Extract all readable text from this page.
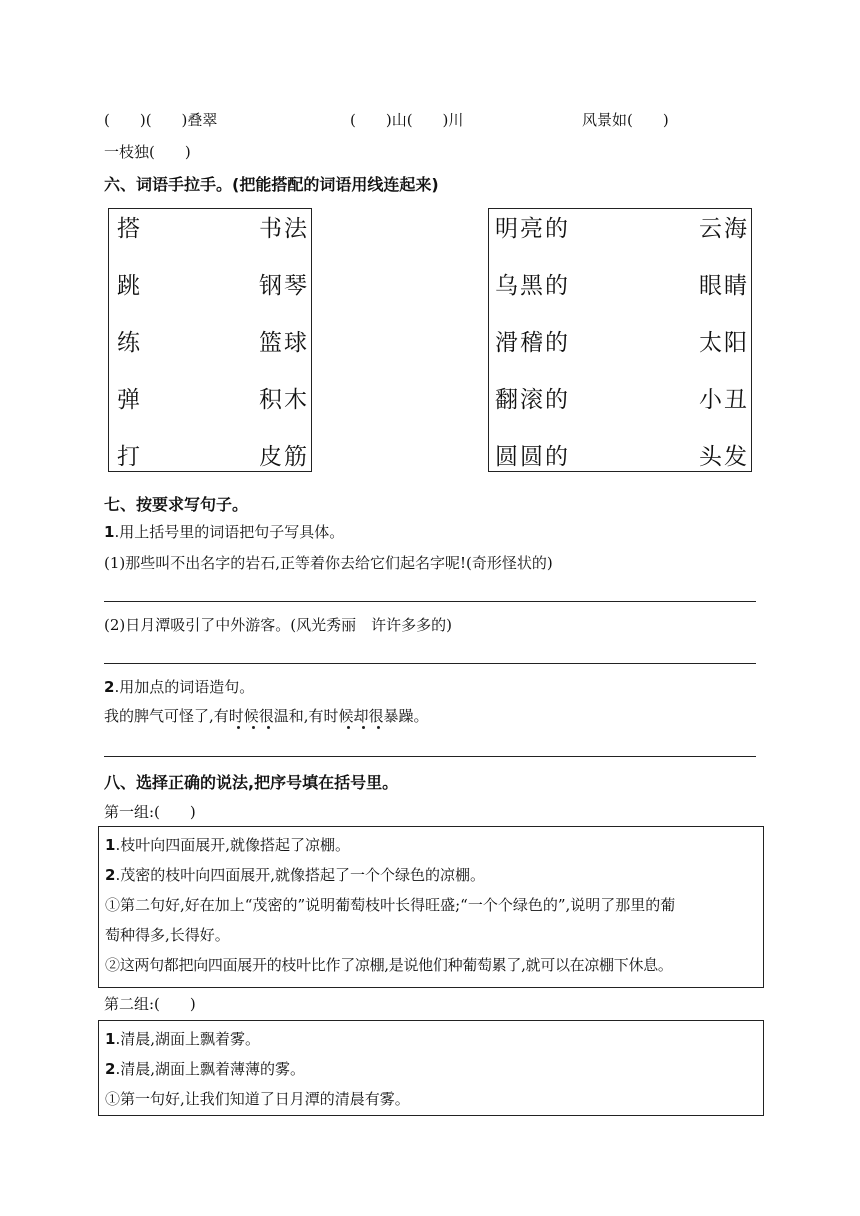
(　　)(　　)叠翠	(　　)山(　　)川	风景如(　　)
一枝独(　　)
六、词语手拉手。(把能搭配的词语用线连起来)
搭
跳
练
弹
打
书法
钢琴
篮球
积木
皮筋
明亮的
乌黑的
滑稽的
翻滚的
圆圆的
云海
眼睛
太阳
小丑
头发
七、按要求写句子。
1.用上括号里的词语把句子写具体。
(1)那些叫不出名字的岩石,正等着你去给它们起名字呢!(奇形怪状的)
(2)日月潭吸引了中外游客。(风光秀丽　许许多多的)
2.用加点的词语造句。
我的脾气可怪了,有时候很温和,有时候却很暴躁。
八、选择正确的说法,把序号填在括号里。
第一组:(　　)
1.枝叶向四面展开,就像搭起了凉棚。
2.茂密的枝叶向四面展开,就像搭起了一个个绿色的凉棚。
①第二句好,好在加上“茂密的”说明葡萄枝叶长得旺盛;“一个个绿色的”,说明了那里的葡
萄种得多,长得好。
②这两句都把向四面展开的枝叶比作了凉棚,是说他们种葡萄累了,就可以在凉棚下休息。
第二组:(　　)
1.清晨,湖面上飘着雾。
2.清晨,湖面上飘着薄薄的雾。
①第一句好,让我们知道了日月潭的清晨有雾。
